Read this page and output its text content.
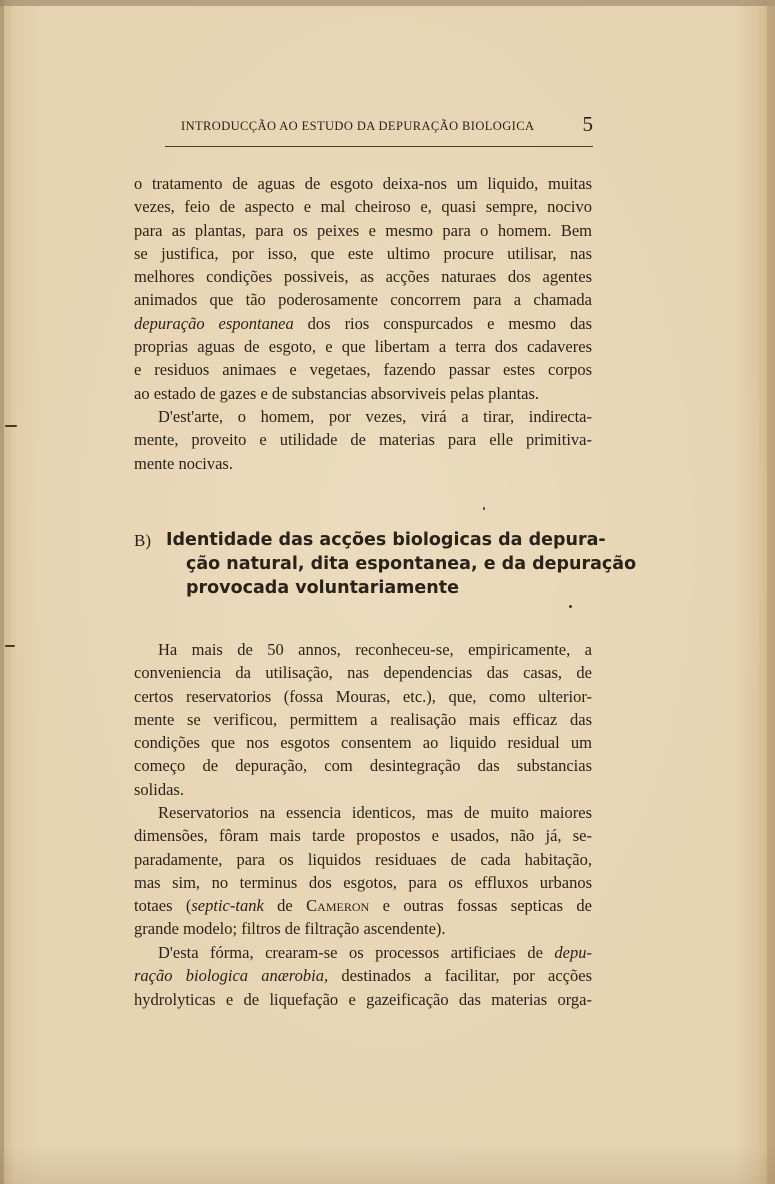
INTRODUCÇÃO AO ESTUDO DA DEPURAÇÃO BIOLOGICA 5
o tratamento de aguas de esgoto deixa-nos um liquido, muitas
vezes, feio de aspecto e mal cheiroso e, quasi sempre, nocivo
para as plantas, para os peixes e mesmo para o homem. Bem
se justifica, por isso, que este ultimo procure utilisar, nas
melhores condições possiveis, as acções naturaes dos agentes
animados que tão poderosamente concorrem para a chamada
depuração espontanea dos rios conspurcados e mesmo das
proprias aguas de esgoto, e que libertam a terra dos cadaveres
e residuos animaes e vegetaes, fazendo passar estes corpos
ao estado de gazes e de substancias absorviveis pelas plantas.
D'est'arte, o homem, por vezes, virá a tirar, indirecta-
mente, proveito e utilidade de materias para elle primitiva-
mente nocivas.
B) Identidade das acções biologicas da depura-
ção natural, dita espontanea, e da depuração
provocada voluntariamente
Ha mais de 50 annos, reconheceu-se, empiricamente, a
conveniencia da utilisação, nas dependencias das casas, de
certos reservatorios (fossa Mouras, etc.), que, como ulterior-
mente se verificou, permittem a realisação mais efficaz das
condições que nos esgotos consentem ao liquido residual um
começo de depuração, com desintegração das substancias
solidas.
Reservatorios na essencia identicos, mas de muito maiores
dimensões, fôram mais tarde propostos e usados, não já, se-
paradamente, para os liquidos residuaes de cada habitação,
mas sim, no terminus dos esgotos, para os effluxos urbanos
totaes (septic-tank de Cameron e outras fossas septicas de
grande modelo; filtros de filtração ascendente).
D'esta fórma, crearam-se os processos artificiaes de depu-
ração biologica anærobia, destinados a facilitar, por acções
hydrolyticas e de liquefação e gazeificação das materias orga-
